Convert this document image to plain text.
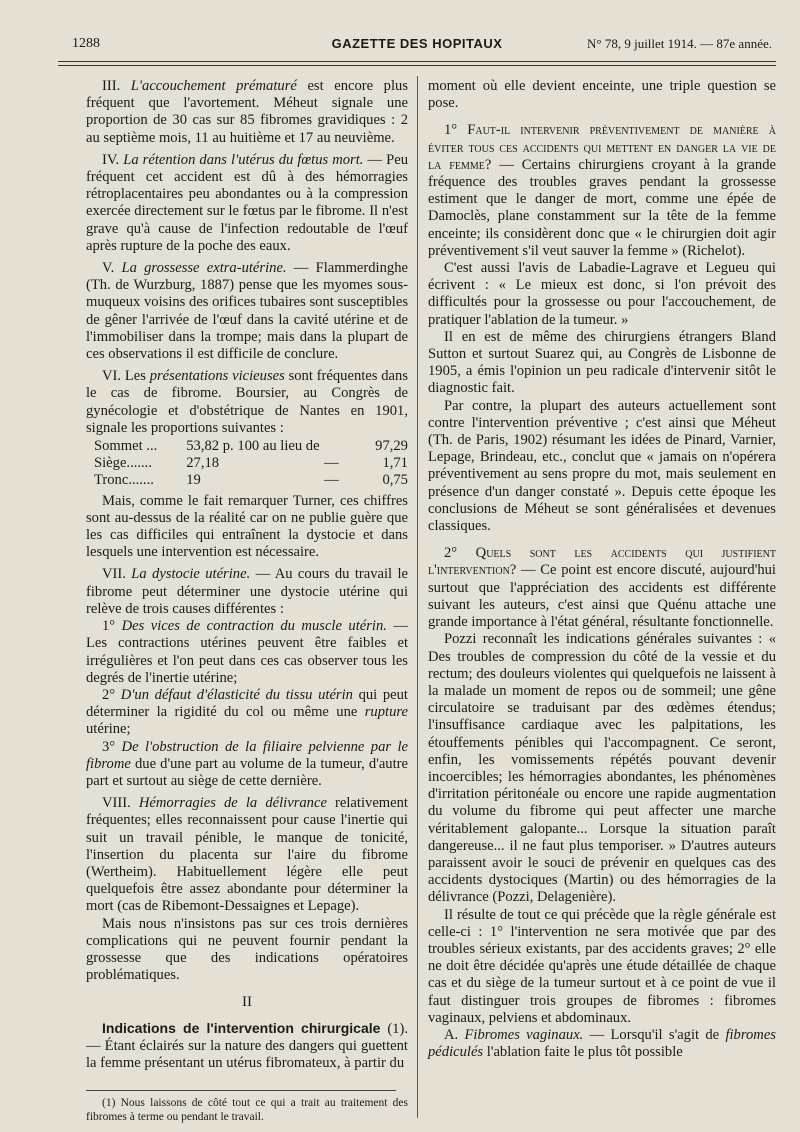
1288	GAZETTE DES HOPITAUX	N° 78, 9 juillet 1914. — 87e année.

III. L'accouchement prématuré est encore plus fréquent que l'avortement. Méheut signale une proportion de 30 cas sur 85 fibromes gravidiques : 2 au septième mois, 11 au huitième et 17 au neuvième.

IV. La rétention dans l'utérus du fœtus mort. — Peu fréquent cet accident est dû à des hémorragies rétroplacentaires peu abondantes ou à la compression exercée directement sur le fœtus par le fibrome. Il n'est grave qu'à cause de l'infection redoutable de l'œuf après rupture de la poche des eaux.

V. La grossesse extra-utérine. — Flammerdinghe (Th. de Wurzburg, 1887) pense que les myomes sous-muqueux voisins des orifices tubaires sont susceptibles de gêner l'arrivée de l'œuf dans la cavité utérine et de l'immobiliser dans la trompe; mais dans la plupart de ces observations il est difficile de conclure.

VI. Les présentations vicieuses sont fréquentes dans le cas de fibrome. Boursier, au Congrès de gynécologie et d'obstétrique de Nantes en 1901, signale les proportions suivantes :

Sommet ...	53,82 p. 100 au lieu de	97,29
Siège.......	27,18	—	1,71
Tronc.......	19	—	0,75

Mais, comme le fait remarquer Turner, ces chiffres sont au-dessus de la réalité car on ne publie guère que les cas difficiles qui entraînent la dystocie et dans lesquels une intervention est nécessaire.

VII. La dystocie utérine. — Au cours du travail le fibrome peut déterminer une dystocie utérine qui relève de trois causes différentes :

1° Des vices de contraction du muscle utérin. — Les contractions utérines peuvent être faibles et irrégulières et l'on peut dans ces cas observer tous les degrés de l'inertie utérine;

2° D'un défaut d'élasticité du tissu utérin qui peut déterminer la rigidité du col ou même une rupture utérine;

3° De l'obstruction de la filiaire pelvienne par le fibrome due d'une part au volume de la tumeur, d'autre part et surtout au siège de cette dernière.

VIII. Hémorragies de la délivrance relativement fréquentes; elles reconnaissent pour cause l'inertie qui suit un travail pénible, le manque de tonicité, l'insertion du placenta sur l'aire du fibrome (Wertheim). Habituellement légère elle peut quelquefois être assez abondante pour déterminer la mort (cas de Ribemont-Dessaignes et Lepage).

Mais nous n'insistons pas sur ces trois dernières complications qui ne peuvent fournir pendant la grossesse que des indications opératoires problématiques.

II

Indications de l'intervention chirurgicale (1). — Étant éclairés sur la nature des dangers qui guettent la femme présentant un utérus fibromateux, à partir du

(1) Nous laissons de côté tout ce qui a trait au traitement des fibromes à terme ou pendant le travail.

moment où elle devient enceinte, une triple question se pose.

1° Faut-il intervenir préventivement de manière à éviter tous ces accidents qui mettent en danger la vie de la femme? — Certains chirurgiens croyant à la grande fréquence des troubles graves pendant la grossesse estiment que le danger de mort, comme une épée de Damoclès, plane constamment sur la tête de la femme enceinte; ils considèrent donc que « le chirurgien doit agir préventivement s'il veut sauver la femme » (Richelot).

C'est aussi l'avis de Labadie-Lagrave et Legueu qui écrivent : « Le mieux est donc, si l'on prévoit des difficultés pour la grossesse ou pour l'accouchement, de pratiquer l'ablation de la tumeur. »

Il en est de même des chirurgiens étrangers Bland Sutton et surtout Suarez qui, au Congrès de Lisbonne de 1905, a émis l'opinion un peu radicale d'intervenir sitôt le diagnostic fait.

Par contre, la plupart des auteurs actuellement sont contre l'intervention préventive ; c'est ainsi que Méheut (Th. de Paris, 1902) résumant les idées de Pinard, Varnier, Lepage, Brindeau, etc., conclut que « jamais on n'opérera préventivement au sens propre du mot, mais seulement en présence d'un danger constaté ». Depuis cette époque les conclusions de Méheut se sont généralisées et devenues classiques.

2° Quels sont les accidents qui justifient l'intervention? — Ce point est encore discuté, aujourd'hui surtout que l'appréciation des accidents est différente suivant les auteurs, c'est ainsi que Quénu attache une grande importance à l'état général, résultante fonctionnelle.

Pozzi reconnaît les indications générales suivantes : « Des troubles de compression du côté de la vessie et du rectum; des douleurs violentes qui quelquefois ne laissent à la malade un moment de repos ou de sommeil; une gêne circulatoire se traduisant par des œdèmes étendus; l'insuffisance cardiaque avec les palpitations, les étouffements pénibles qui l'accompagnent. Ce seront, enfin, les vomissements répétés pouvant devenir incoercibles; les hémorragies abondantes, les phénomènes d'irritation péritonéale ou encore une rapide augmentation du volume du fibrome qui peut affecter une marche véritablement galopante... Lorsque la situation paraît dangereuse... il ne faut plus temporiser. » D'autres auteurs paraissent avoir le souci de prévenir en quelques cas des accidents dystociques (Martin) ou des hémorragies de la délivrance (Pozzi, Delagenière).

Il résulte de tout ce qui précède que la règle générale est celle-ci : 1° l'intervention ne sera motivée que par des troubles sérieux existants, par des accidents graves; 2° elle ne doit être décidée qu'après une étude détaillée de chaque cas et du siège de la tumeur surtout et à ce point de vue il faut distinguer trois groupes de fibromes : fibromes vaginaux, pelviens et abdominaux.

A. Fibromes vaginaux. — Lorsqu'il s'agit de fibromes pédiculés l'ablation faite le plus tôt possible
